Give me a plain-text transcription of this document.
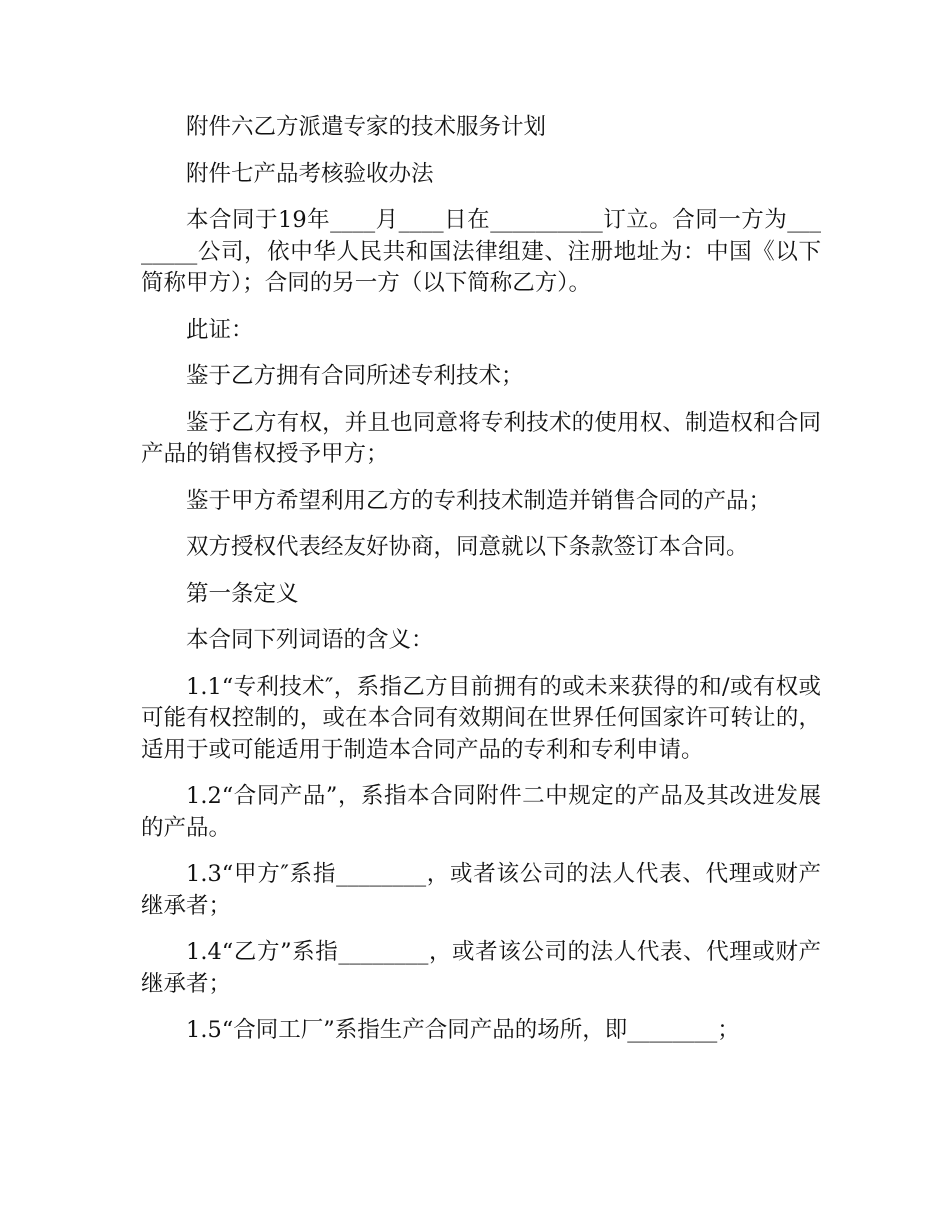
附件六乙方派遣专家的技术服务计划

附件七产品考核验收办法

本合同于19年____月____日在__________订立。合同一方为________公司，依中华人民共和国法律组建、注册地址为：中国《以下简称甲方）；合同的另一方（以下简称乙方）。

此证：

鉴于乙方拥有合同所述专利技术；

鉴于乙方有权，并且也同意将专利技术的使用权、制造权和合同产品的销售权授予甲方；

鉴于甲方希望利用乙方的专利技术制造并销售合同的产品；

双方授权代表经友好协商，同意就以下条款签订本合同。

第一条定义

本合同下列词语的含义：

1.1“专利技术″，系指乙方目前拥有的或未来获得的和/或有权或可能有权控制的，或在本合同有效期间在世界任何国家许可转让的，适用于或可能适用于制造本合同产品的专利和专利申请。

1.2“合同产品”，系指本合同附件二中规定的产品及其改进发展的产品。

1.3“甲方″系指________，或者该公司的法人代表、代理或财产继承者；

1.4“乙方”系指________，或者该公司的法人代表、代理或财产继承者；

1.5“合同工厂”系指生产合同产品的场所，即________；
